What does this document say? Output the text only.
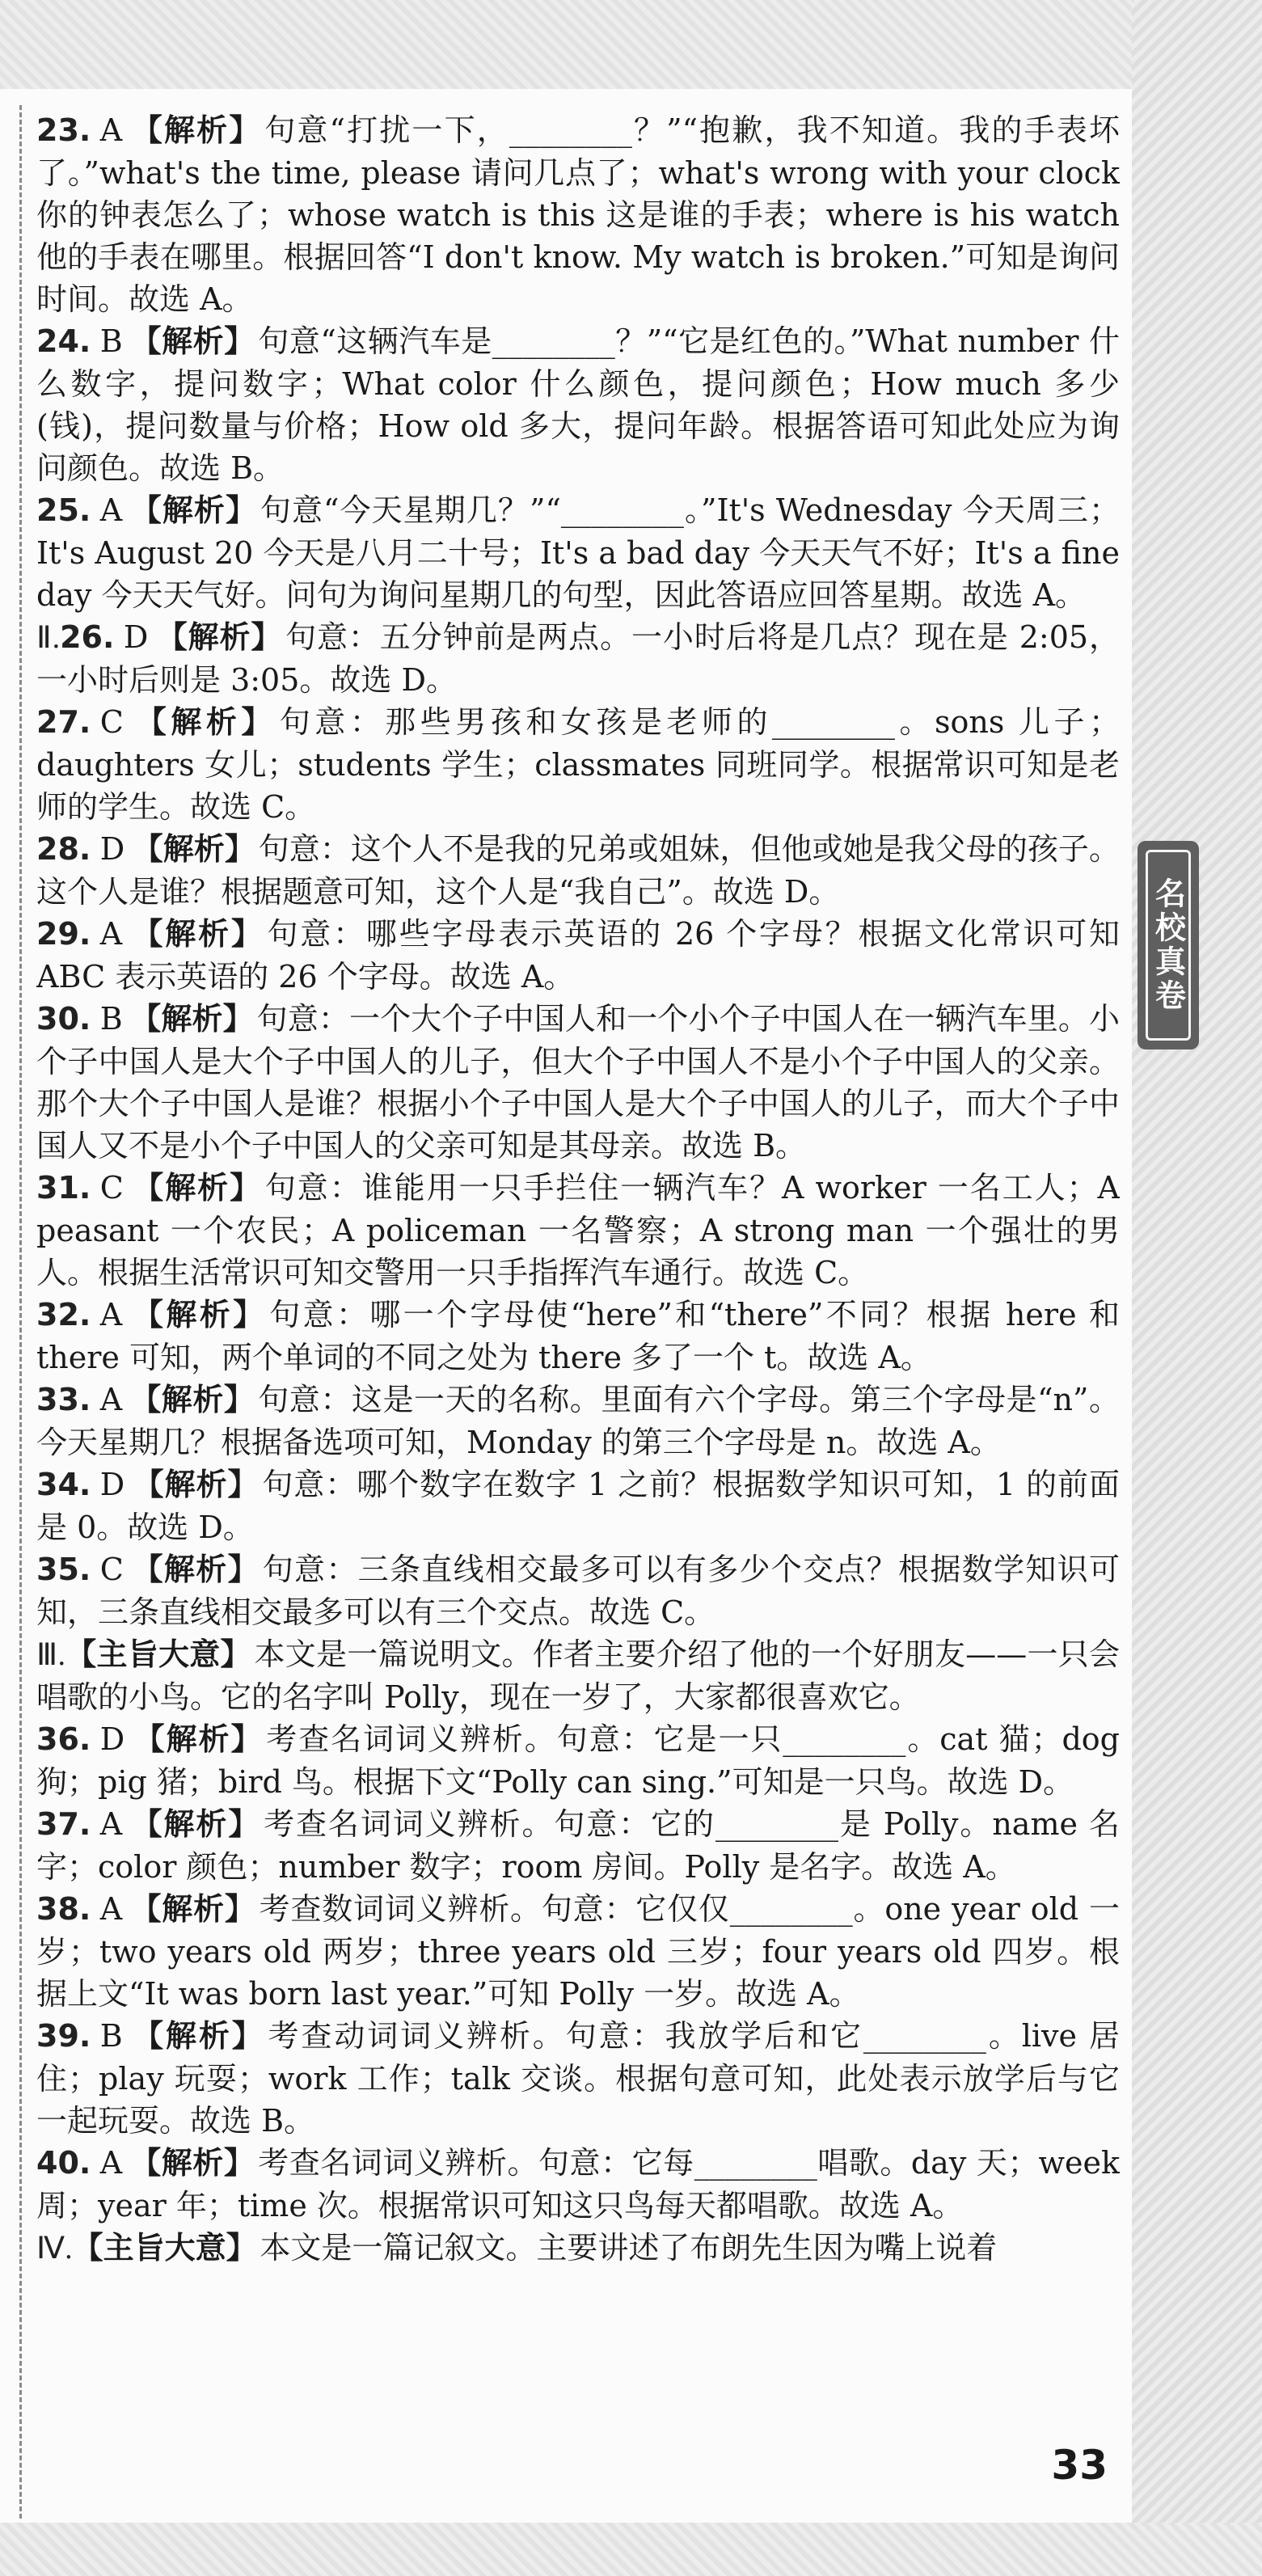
23. A 【解析】句意“打扰一下，________？”“抱歉，我不知道。我的手表坏了。”what's the time, please 请问几点了；what's wrong with your clock 你的钟表怎么了；whose watch is this 这是谁的手表；where is his watch 他的手表在哪里。根据回答“I don't know. My watch is broken.”可知是询问时间。故选 A。

24. B 【解析】句意“这辆汽车是________？”“它是红色的。”What number 什么数字，提问数字；What color 什么颜色，提问颜色；How much 多少(钱)，提问数量与价格；How old 多大，提问年龄。根据答语可知此处应为询问颜色。故选 B。

25. A 【解析】句意“今天星期几？”“________。”It's Wednesday 今天周三；It's August 20 今天是八月二十号；It's a bad day 今天天气不好；It's a fine day 今天天气好。问句为询问星期几的句型，因此答语应回答星期。故选 A。

Ⅱ.26. D 【解析】句意：五分钟前是两点。一小时后将是几点？现在是 2:05，一小时后则是 3:05。故选 D。

27. C 【解析】句意：那些男孩和女孩是老师的________。sons 儿子；daughters 女儿；students 学生；classmates 同班同学。根据常识可知是老师的学生。故选 C。

28. D 【解析】句意：这个人不是我的兄弟或姐妹，但他或她是我父母的孩子。这个人是谁？根据题意可知，这个人是“我自己”。故选 D。

29. A 【解析】句意：哪些字母表示英语的 26 个字母？根据文化常识可知 ABC 表示英语的 26 个字母。故选 A。

30. B 【解析】句意：一个大个子中国人和一个小个子中国人在一辆汽车里。小个子中国人是大个子中国人的儿子，但大个子中国人不是小个子中国人的父亲。那个大个子中国人是谁？根据小个子中国人是大个子中国人的儿子，而大个子中国人又不是小个子中国人的父亲可知是其母亲。故选 B。

31. C 【解析】句意：谁能用一只手拦住一辆汽车？A worker 一名工人；A peasant 一个农民；A policeman 一名警察；A strong man 一个强壮的男人。根据生活常识可知交警用一只手指挥汽车通行。故选 C。

32. A 【解析】句意：哪一个字母使“here”和“there”不同？根据 here 和 there 可知，两个单词的不同之处为 there 多了一个 t。故选 A。

33. A 【解析】句意：这是一天的名称。里面有六个字母。第三个字母是“n”。今天星期几？根据备选项可知，Monday 的第三个字母是 n。故选 A。

34. D 【解析】句意：哪个数字在数字 1 之前？根据数学知识可知，1 的前面是 0。故选 D。

35. C 【解析】句意：三条直线相交最多可以有多少个交点？根据数学知识可知，三条直线相交最多可以有三个交点。故选 C。

Ⅲ.【主旨大意】本文是一篇说明文。作者主要介绍了他的一个好朋友——一只会唱歌的小鸟。它的名字叫 Polly，现在一岁了，大家都很喜欢它。

36. D 【解析】考查名词词义辨析。句意：它是一只________。cat 猫；dog 狗；pig 猪；bird 鸟。根据下文“Polly can sing.”可知是一只鸟。故选 D。

37. A 【解析】考查名词词义辨析。句意：它的________是 Polly。name 名字；color 颜色；number 数字；room 房间。Polly 是名字。故选 A。

38. A 【解析】考查数词词义辨析。句意：它仅仅________。one year old 一岁；two years old 两岁；three years old 三岁；four years old 四岁。根据上文“It was born last year.”可知 Polly 一岁。故选 A。

39. B 【解析】考查动词词义辨析。句意：我放学后和它________。live 居住；play 玩耍；work 工作；talk 交谈。根据句意可知，此处表示放学后与它一起玩耍。故选 B。

40. A 【解析】考查名词词义辨析。句意：它每________唱歌。day 天；week 周；year 年；time 次。根据常识可知这只鸟每天都唱歌。故选 A。

Ⅳ.【主旨大意】本文是一篇记叙文。主要讲述了布朗先生因为嘴上说着

名校真卷
33
